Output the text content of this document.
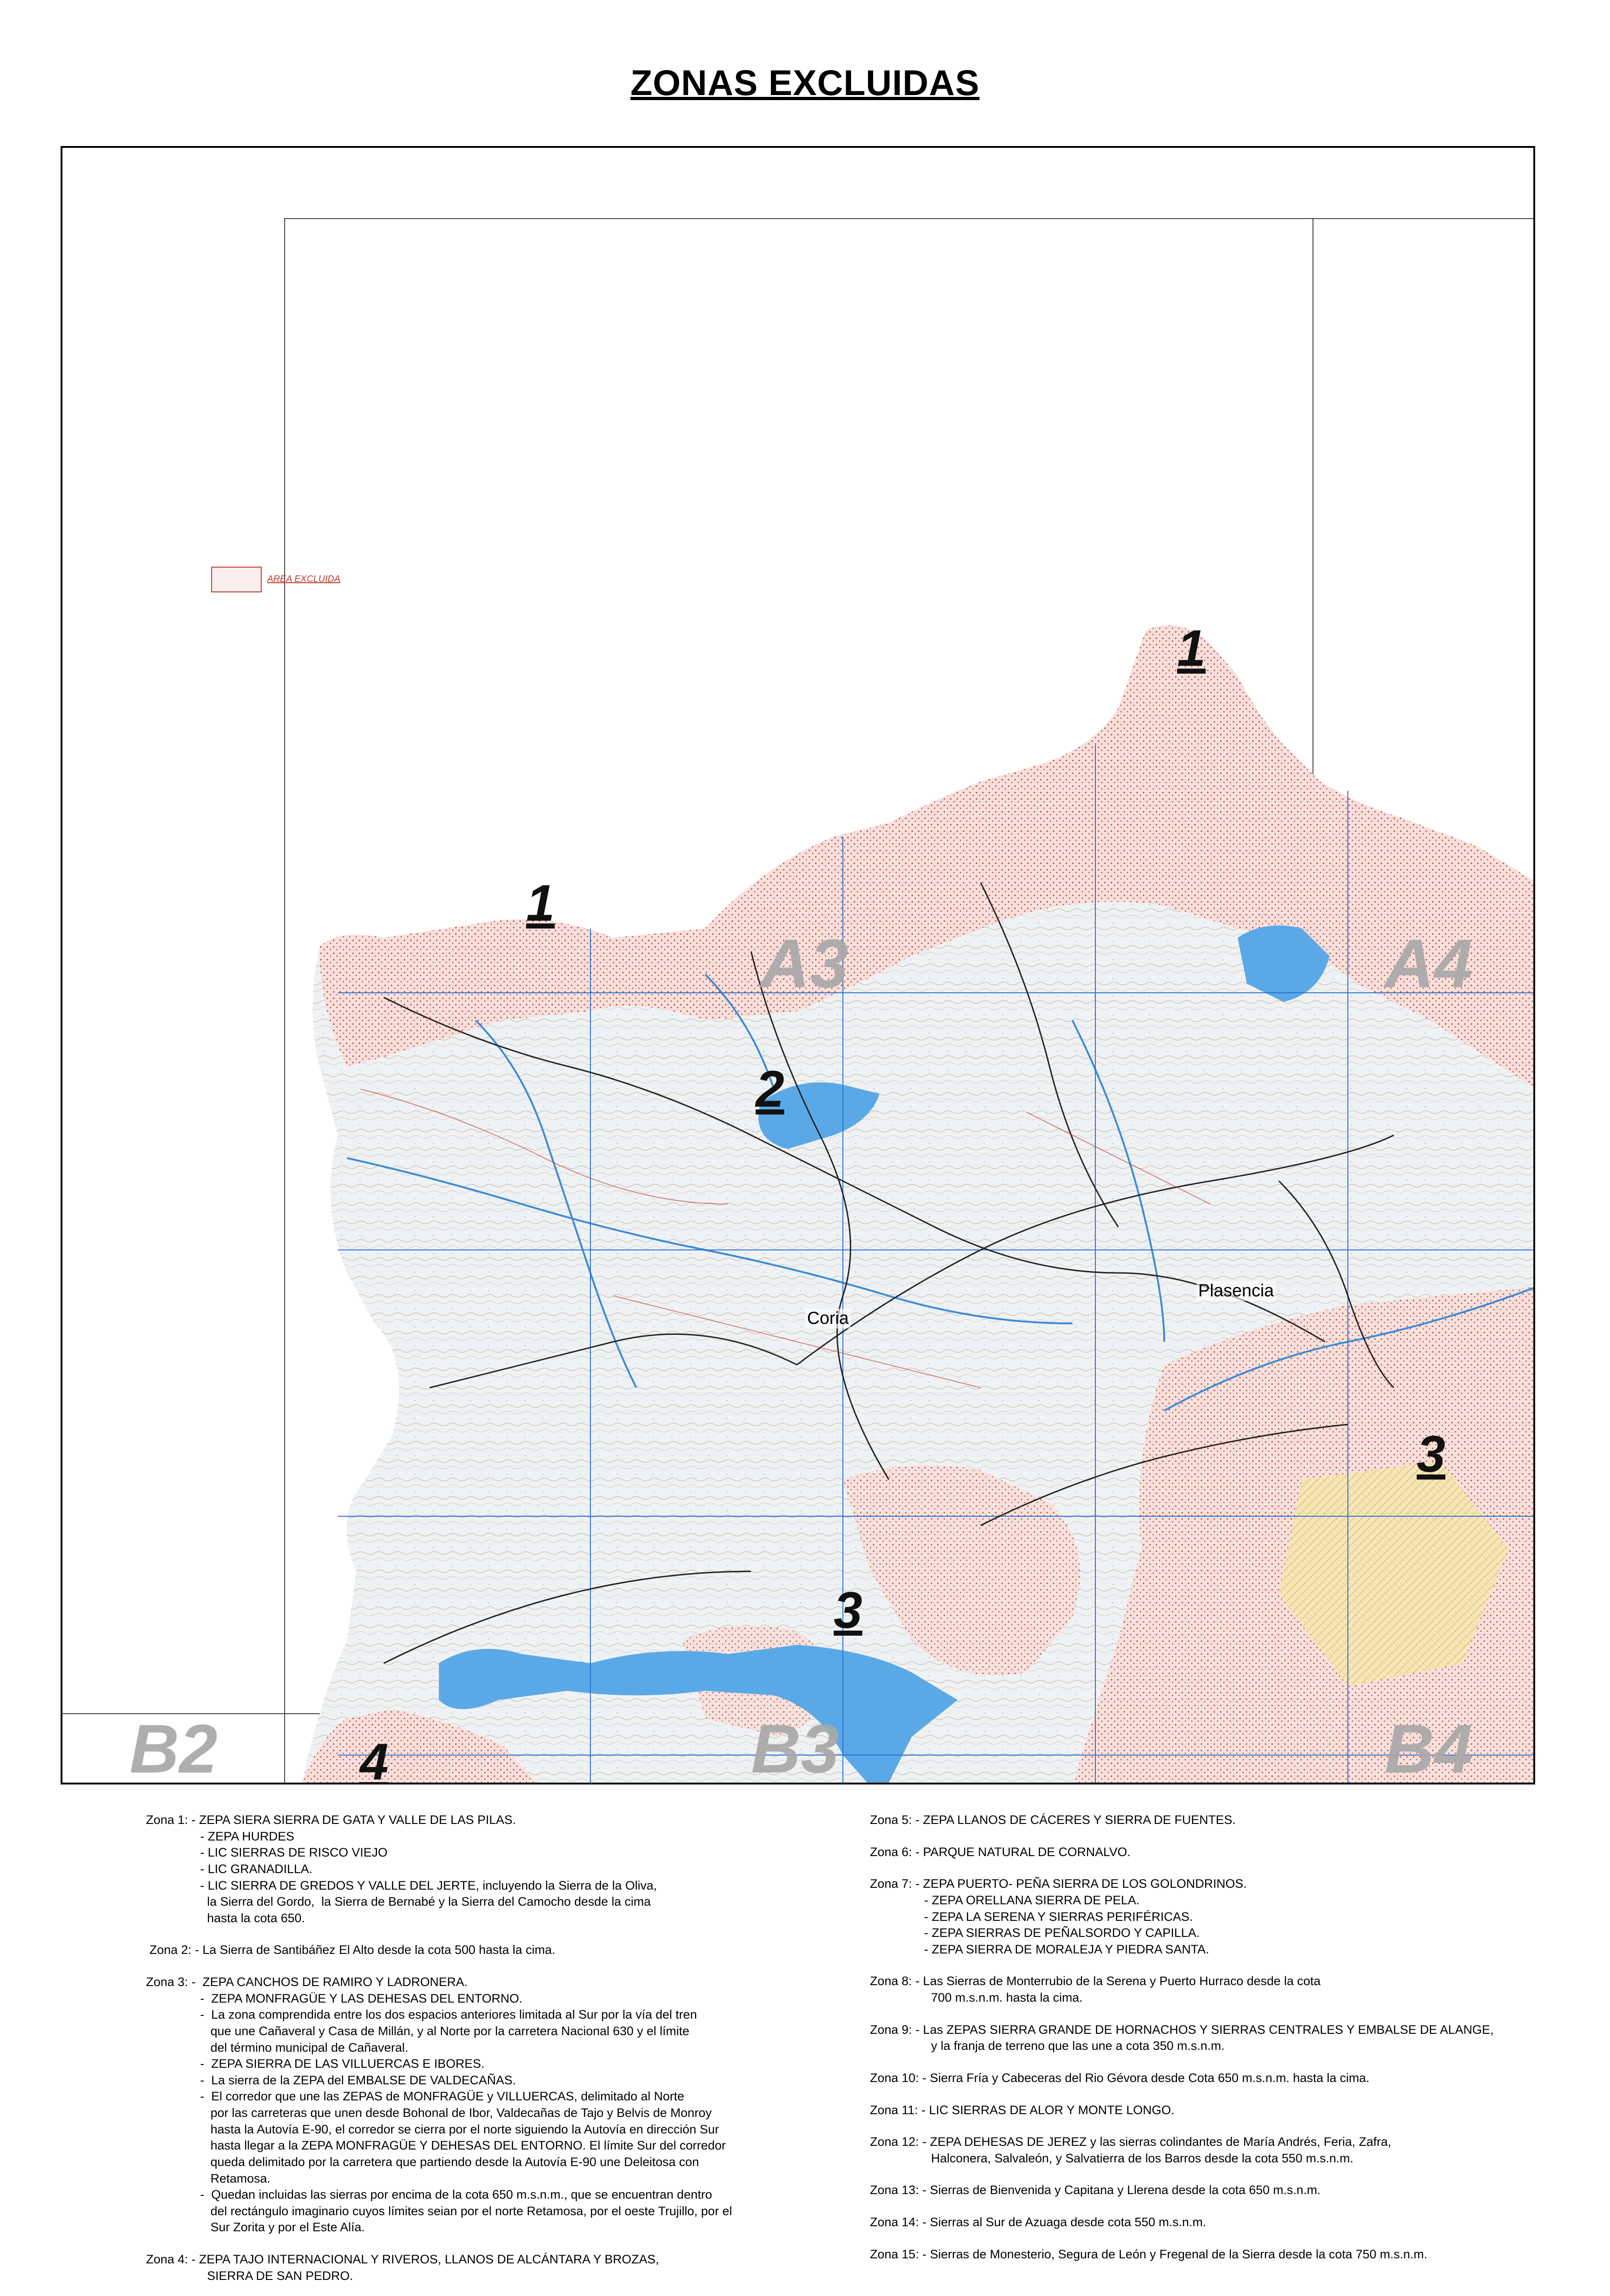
ZONAS EXCLUIDAS
AREA EXCLUIDA
1
1
2
3
3
4
A3	A4
B2	B3	B4
Coria
Plasencia
Zona 1: - ZEPA SIERA SIERRA DE GATA Y VALLE DE LAS PILAS.
- ZEPA HURDES
- LIC SIERRAS DE RISCO VIEJO
- LIC GRANADILLA.
- LIC SIERRA DE GREDOS Y VALLE DEL JERTE, incluyendo la Sierra de la Oliva,
la Sierra del Gordo,  la Sierra de Bernabé y la Sierra del Camocho desde la cima
hasta la cota 650.
Zona 2: - La Sierra de Santibáñez El Alto desde la cota 500 hasta la cima.
Zona 3: -  ZEPA CANCHOS DE RAMIRO Y LADRONERA.
-  ZEPA MONFRAGÜE Y LAS DEHESAS DEL ENTORNO.
-  La zona comprendida entre los dos espacios anteriores limitada al Sur por la vía del tren
que une Cañaveral y Casa de Millán, y al Norte por la carretera Nacional 630 y el límite
del término municipal de Cañaveral.
-  ZEPA SIERRA DE LAS VILLUERCAS E IBORES.
-  La sierra de la ZEPA del EMBALSE DE VALDECAÑAS.
-  El corredor que une las ZEPAS de MONFRAGÜE y VILLUERCAS, delimitado al Norte
por las carreteras que unen desde Bohonal de Ibor, Valdecañas de Tajo y Belvis de Monroy
hasta la Autovía E-90, el corredor se cierra por el norte siguiendo la Autovía en dirección Sur
hasta llegar a la ZEPA MONFRAGÜE Y DEHESAS DEL ENTORNO. El límite Sur del corredor
queda delimitado por la carretera que partiendo desde la Autovía E-90 une Deleitosa con
Retamosa.
-  Quedan incluidas las sierras por encima de la cota 650 m.s.n.m., que se encuentran dentro
del rectángulo imaginario cuyos límites seian por el norte Retamosa, por el oeste Trujillo, por el
Sur Zorita y por el Este Alía.
Zona 4: - ZEPA TAJO INTERNACIONAL Y RIVEROS, LLANOS DE ALCÁNTARA Y BROZAS,
SIERRA DE SAN PEDRO.
Zona 5: - ZEPA LLANOS DE CÁCERES Y SIERRA DE FUENTES.
Zona 6: - PARQUE NATURAL DE CORNALVO.
Zona 7: - ZEPA PUERTO- PEÑA SIERRA DE LOS GOLONDRINOS.
- ZEPA ORELLANA SIERRA DE PELA.
- ZEPA LA SERENA Y SIERRAS PERIFÉRICAS.
- ZEPA SIERRAS DE PEÑALSORDO Y CAPILLA.
- ZEPA SIERRA DE MORALEJA Y PIEDRA SANTA.
Zona 8: - Las Sierras de Monterrubio de la Serena y Puerto Hurraco desde la cota
700 m.s.n.m. hasta la cima.
Zona 9: - Las ZEPAS SIERRA GRANDE DE HORNACHOS Y SIERRAS CENTRALES Y EMBALSE DE ALANGE,
y la franja de terreno que las une a cota 350 m.s.n.m.
Zona 10: - Sierra Fría y Cabeceras del Rio Gévora desde Cota 650 m.s.n.m. hasta la cima.
Zona 11: - LIC SIERRAS DE ALOR Y MONTE LONGO.
Zona 12: - ZEPA DEHESAS DE JEREZ y las sierras colindantes de María Andrés, Feria, Zafra,
Halconera, Salvaleón, y Salvatierra de los Barros desde la cota 550 m.s.n.m.
Zona 13: - Sierras de Bienvenida y Capitana y Llerena desde la cota 650 m.s.n.m.
Zona 14: - Sierras al Sur de Azuaga desde cota 550 m.s.n.m.
Zona 15: - Sierras de Monesterio, Segura de León y Fregenal de la Sierra desde la cota 750 m.s.n.m.
